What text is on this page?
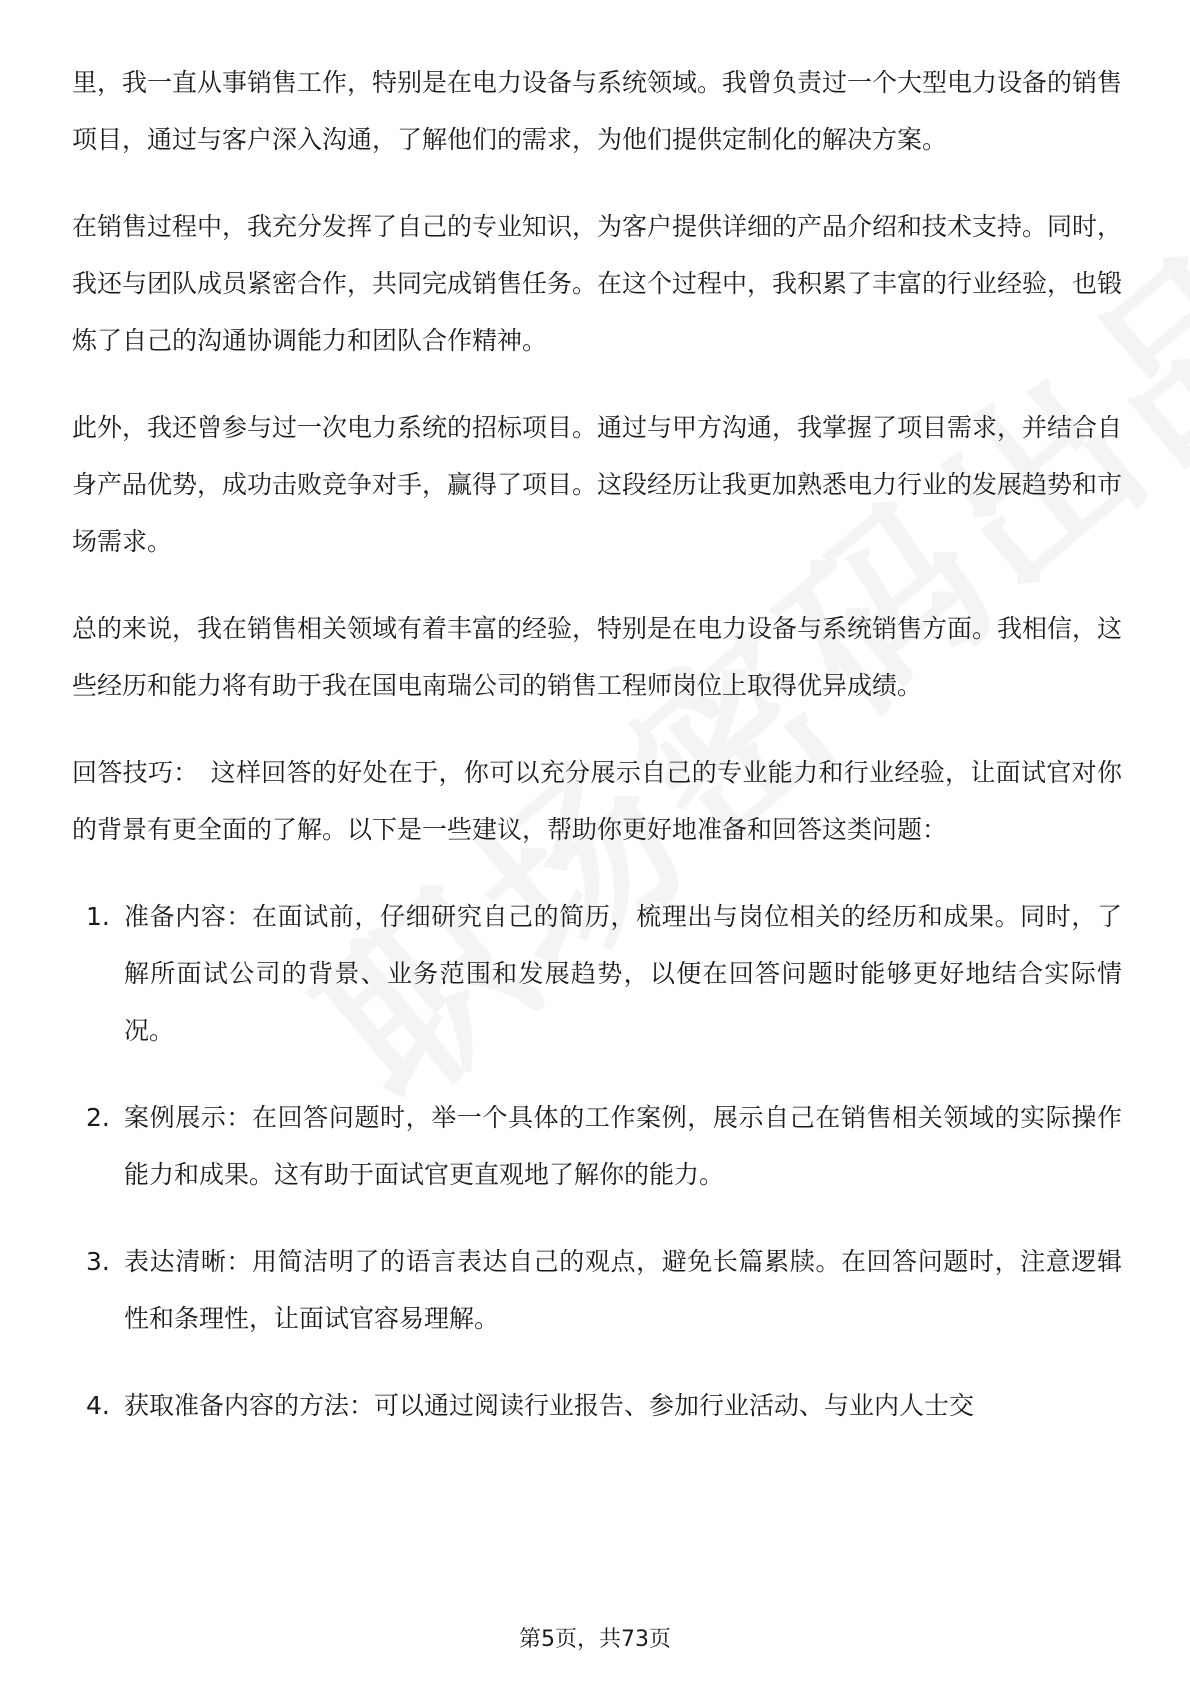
里，我一直从事销售工作，特别是在电力设备与系统领域。我曾负责过一个大型电力设备的销售项目，通过与客户深入沟通，了解他们的需求，为他们提供定制化的解决方案。

在销售过程中，我充分发挥了自己的专业知识，为客户提供详细的产品介绍和技术支持。同时，我还与团队成员紧密合作，共同完成销售任务。在这个过程中，我积累了丰富的行业经验，也锻炼了自己的沟通协调能力和团队合作精神。

此外，我还曾参与过一次电力系统的招标项目。通过与甲方沟通，我掌握了项目需求，并结合自身产品优势，成功击败竞争对手，赢得了项目。这段经历让我更加熟悉电力行业的发展趋势和市场需求。

总的来说，我在销售相关领域有着丰富的经验，特别是在电力设备与系统销售方面。我相信，这些经历和能力将有助于我在国电南瑞公司的销售工程师岗位上取得优异成绩。

回答技巧： 这样回答的好处在于，你可以充分展示自己的专业能力和行业经验，让面试官对你的背景有更全面的了解。以下是一些建议，帮助你更好地准备和回答这类问题：

1. 准备内容：在面试前，仔细研究自己的简历，梳理出与岗位相关的经历和成果。同时，了解所面试公司的背景、业务范围和发展趋势，以便在回答问题时能够更好地结合实际情况。
2. 案例展示：在回答问题时，举一个具体的工作案例，展示自己在销售相关领域的实际操作能力和成果。这有助于面试官更直观地了解你的能力。
3. 表达清晰：用简洁明了的语言表达自己的观点，避免长篇累牍。在回答问题时，注意逻辑性和条理性，让面试官容易理解。
4. 获取准备内容的方法：可以通过阅读行业报告、参加行业活动、与业内人士交
第5页，共73页
